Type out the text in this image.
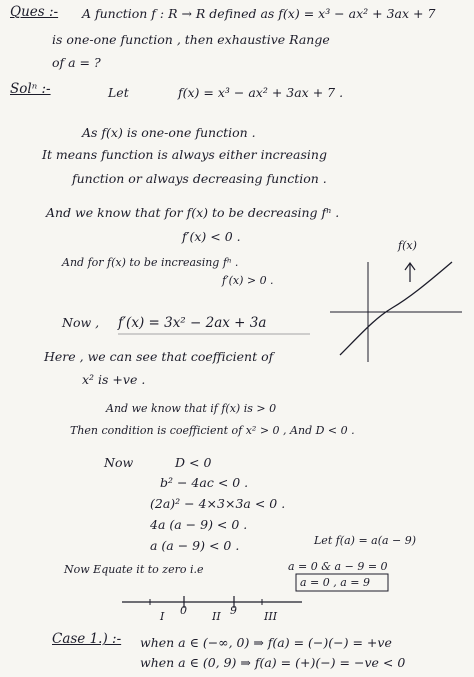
Ques :- A function f : R → R defined as f(x) = x³ − ax² + 3ax + 7
is one-one function , then exhaustive Range
of a = ?
Solⁿ :-	Let	f(x) = x³ − ax² + 3ax + 7 .
As f(x) is one-one function .
It means function is always either increasing
function or always decreasing function .
And we know that for f(x) to be decreasing fⁿ .
f′(x) < 0 .
And for f(x) to be increasing fⁿ .
f′(x) > 0 .
Now , f′(x) = 3x² − 2ax + 3a
Here , we can see that coefficient of
x² is +ve .
And we know that if f(x) is > 0
Then condition is coefficient of x² > 0 , And D < 0 .
Now	D < 0
b² − 4ac < 0 .
(2a)² − 4×3×3a < 0 .
4a (a − 9) < 0 .
a (a − 9) < 0 .	Let f(a) = a(a − 9)
Now Equate it to zero i.e	a = 0 & a − 9 = 0
a = 0 , a = 9
I	II	III
0	9
Case 1.) :- when a ∈ (−∞, 0) ⇒ f(a) = (−)(−) = +ve
when a ∈ (0, 9) ⇒ f(a) = (+)(−) = −ve < 0
f(x)
